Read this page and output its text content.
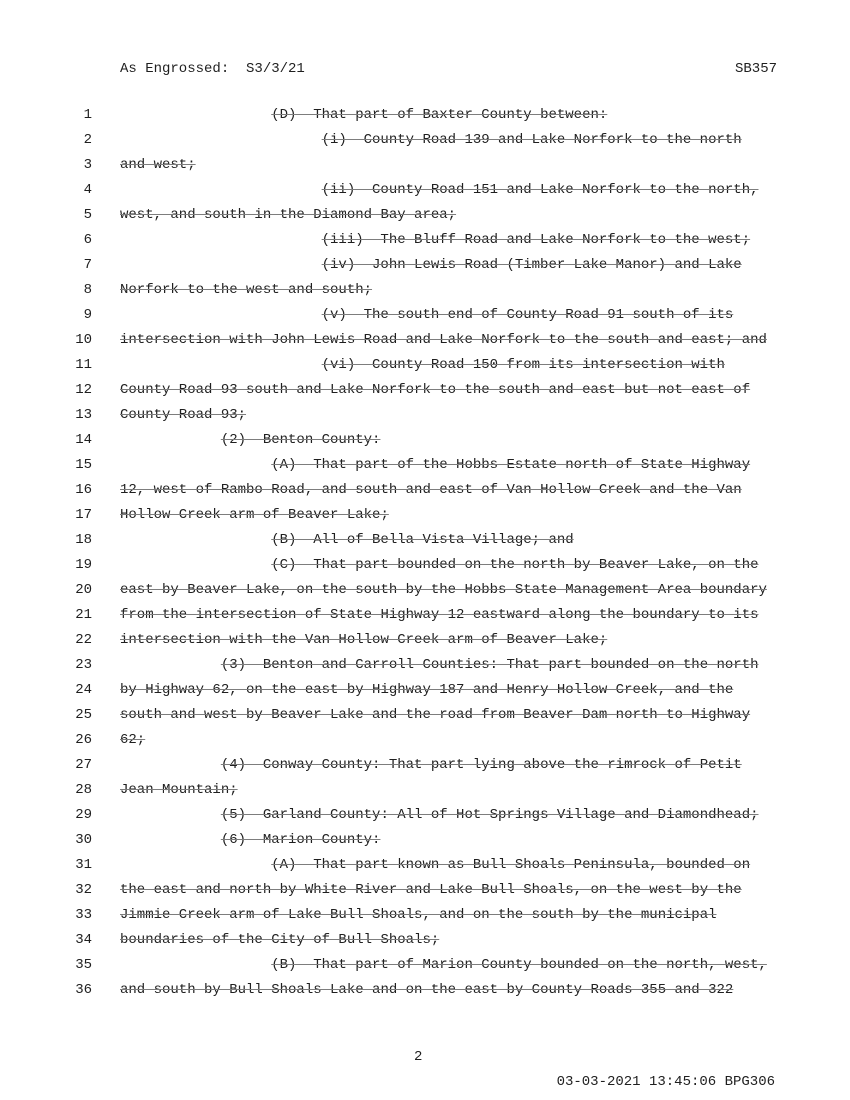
As Engrossed:  S3/3/21	SB357
1	(D)  That part of Baxter County between:
2	(i)  County Road 139 and Lake Norfork to the north
3 and west;
4	(ii)  County Road 151 and Lake Norfork to the north,
5 west, and south in the Diamond Bay area;
6	(iii)  The Bluff Road and Lake Norfork to the west;
7	(iv)  John Lewis Road (Timber Lake Manor) and Lake
8 Norfork to the west and south;
9	(v)  The south end of County Road 91 south of its
10 intersection with John Lewis Road and Lake Norfork to the south and east; and
11	(vi)  County Road 150 from its intersection with
12 County Road 93 south and Lake Norfork to the south and east but not east of
13 County Road 93;
14	(2)  Benton County:
15	(A)  That part of the Hobbs Estate north of State Highway
16 12, west of Rambo Road, and south and east of Van Hollow Creek and the Van
17 Hollow Creek arm of Beaver Lake;
18	(B)  All of Bella Vista Village; and
19	(C)  That part bounded on the north by Beaver Lake, on the
20 east by Beaver Lake, on the south by the Hobbs State Management Area boundary
21 from the intersection of State Highway 12 eastward along the boundary to its
22 intersection with the Van Hollow Creek arm of Beaver Lake;
23	(3)  Benton and Carroll Counties: That part bounded on the north
24 by Highway 62, on the east by Highway 187 and Henry Hollow Creek, and the
25 south and west by Beaver Lake and the road from Beaver Dam north to Highway
26 62;
27	(4)  Conway County: That part lying above the rimrock of Petit
28 Jean Mountain;
29	(5)  Garland County: All of Hot Springs Village and Diamondhead;
30	(6)  Marion County:
31	(A)  That part known as Bull Shoals Peninsula, bounded on
32 the east and north by White River and Lake Bull Shoals, on the west by the
33 Jimmie Creek arm of Lake Bull Shoals, and on the south by the municipal
34 boundaries of the City of Bull Shoals;
35	(B)  That part of Marion County bounded on the north, west,
36 and south by Bull Shoals Lake and on the east by County Roads 355 and 322

2

03-03-2021 13:45:06 BPG306
